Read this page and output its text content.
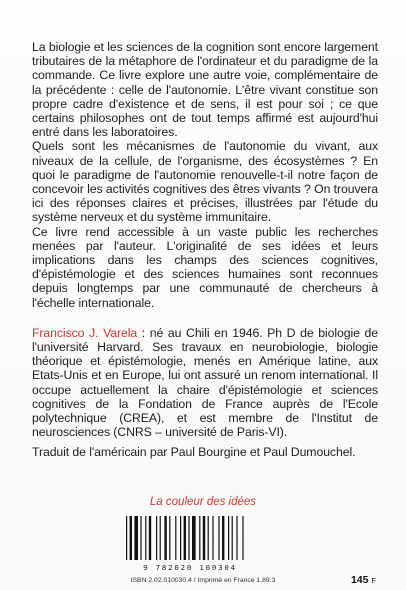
La biologie et les sciences de la cognition sont encore largement tributaires de la métaphore de l'ordinateur et du paradigme de la commande. Ce livre explore une autre voie, complémentaire de la précédente : celle de l'autonomie. L'être vivant constitue son propre cadre d'existence et de sens, il est pour soi ; ce que certains philosophes ont de tout temps affirmé est aujourd'hui entré dans les laboratoires.

Quels sont les mécanismes de l'autonomie du vivant, aux niveaux de la cellule, de l'organisme, des écosystèmes ? En quoi le paradigme de l'autonomie renouvelle-t-il notre façon de concevoir les activités cognitives des êtres vivants ? On trouvera ici des réponses claires et précises, illustrées par l'étude du système nerveux et du système immunitaire.

Ce livre rend accessible à un vaste public les recherches menées par l'auteur. L'originalité de ses idées et leurs implications dans les champs des sciences cognitives, d'épistémologie et des sciences humaines sont reconnues depuis longtemps par une communauté de chercheurs à l'échelle internationale.

Francisco J. Varela : né au Chili en 1946. Ph D de biologie de l'université Harvard. Ses travaux en neurobiologie, biologie théorique et épistémologie, menés en Amérique latine, aux Etats-Unis et en Europe, lui ont assuré un renom international. Il occupe actuellement la chaire d'épistémologie et sciences cognitives de la Fondation de France auprès de l'Ecole polytechnique (CREA), et est membre de l'Institut de neurosciences (CNRS – université de Paris-VI).

Traduit de l'américain par Paul Bourgine et Paul Dumouchel.

La couleur des idées
9 782020 100304
ISBN 2.02.010030.4 / Imprimé en France 1.89.3	145 F
